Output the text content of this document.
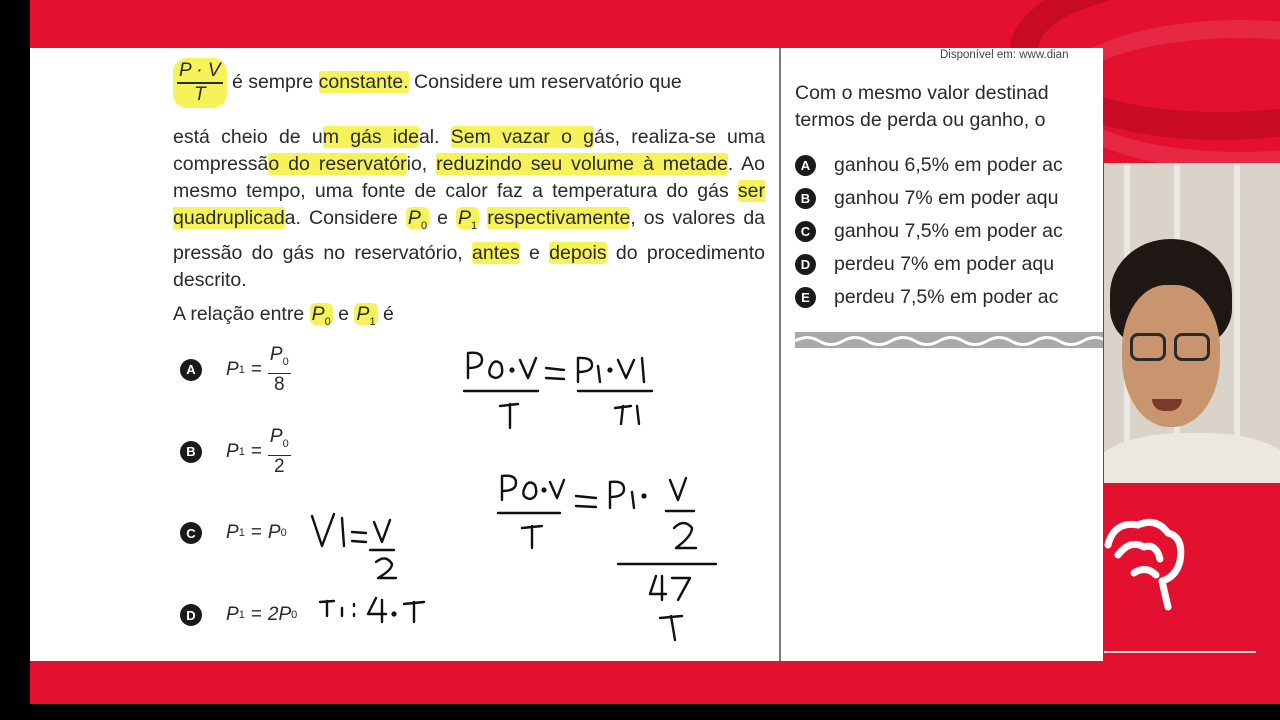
$\frac{P \cdot V}{T}$ é sempre constante. Considere um reservatório que
está cheio de um gás ideal. Sem vazar o gás, realiza-se uma compressão do reservatório, reduzindo seu volume à metade. Ao mesmo tempo, uma fonte de calor faz a temperatura do gás ser quadruplicada. Considere $P_0$ e $P_1$ respectivamente, os valores da pressão do gás no reservatório, antes e depois do procedimento descrito.
A relação entre $P_0$ e $P_1$ é
A	P $1 = \frac{P_0}{8}$
B	P $1 = \frac{P_0}{2}$
C	P 1 = P 0
D	P 1 = 2P 0
Disponível em: www.dian
Com o mesmo valor destinad
termos de perda ou ganho, o
A ganhou 6,5% em poder ac
B ganhou 7% em poder aqu
C ganhou 7,5% em poder ac
D perdeu 7% em poder aqu
E	perdeu 7,5% em poder ac
